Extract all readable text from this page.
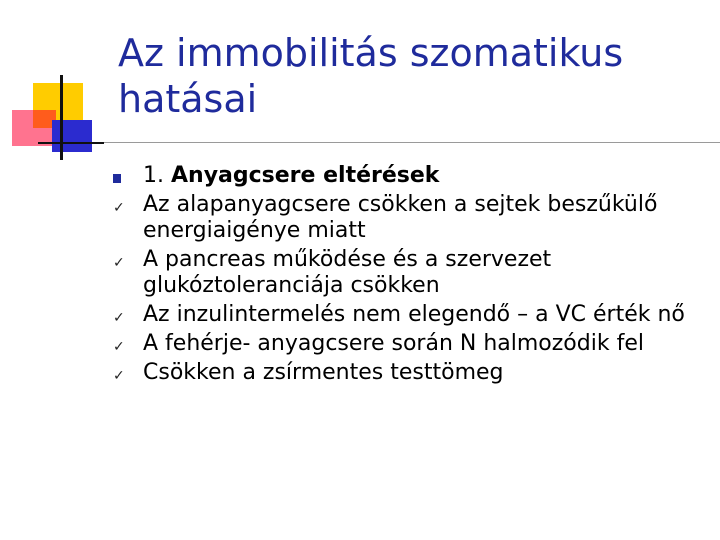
Az immobilitás szomatikus hatásai
1. Anyagcsere eltérések
✓ Az alapanyagcsere csökken a sejtek beszűkülő energiaigénye miatt
✓ A pancreas működése és a szervezet glukóztoleranciája csökken
✓ Az inzulintermelés nem elegendő – a VC érték nő
✓ A fehérje- anyagcsere során N halmozódik fel
✓ Csökken a zsírmentes testtömeg
